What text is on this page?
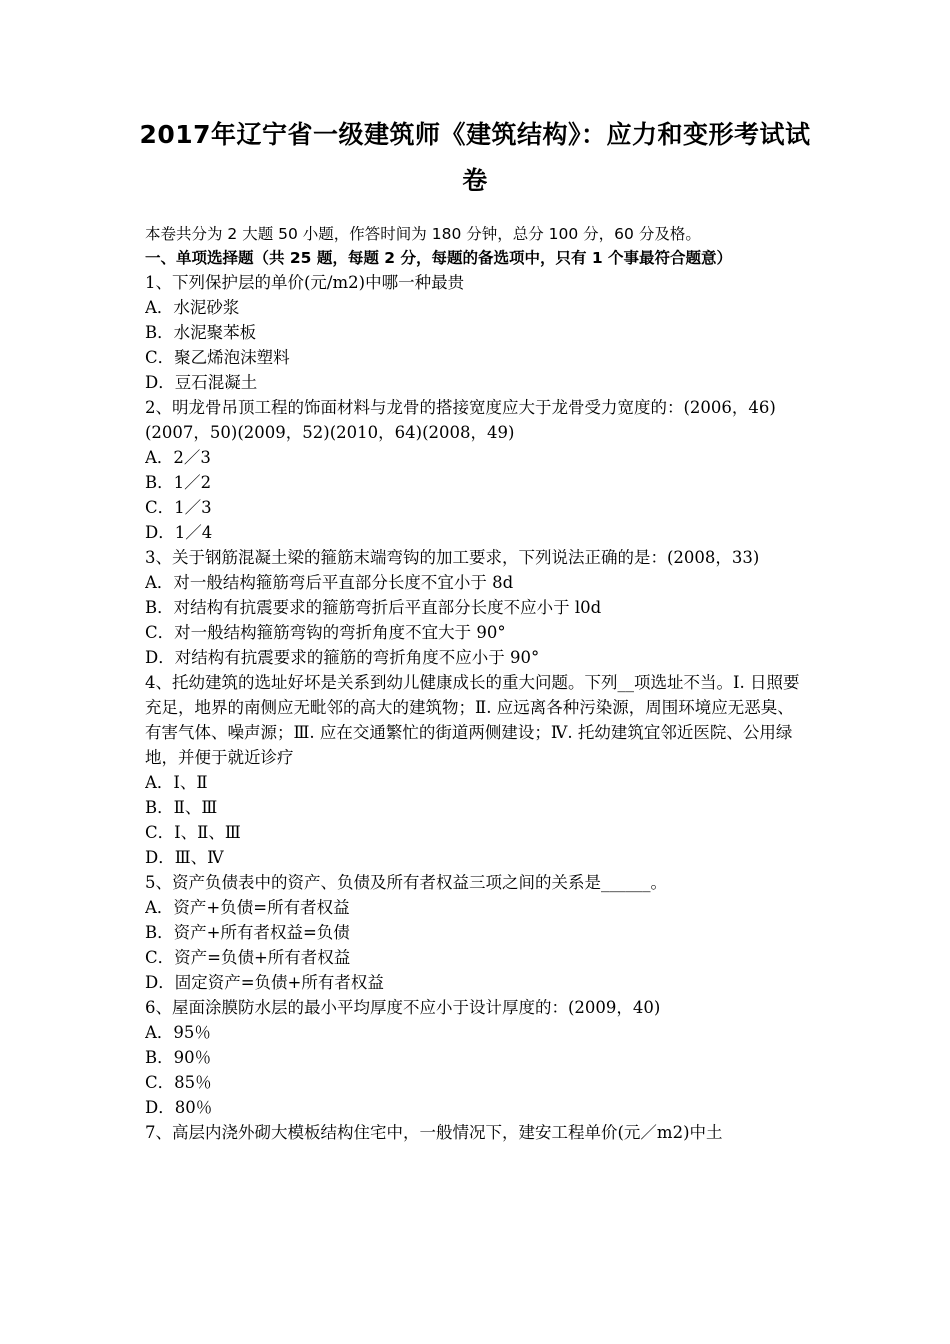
2017年辽宁省一级建筑师《建筑结构》：应力和变形考试试卷
本卷共分为 2 大题 50 小题，作答时间为 180 分钟，总分 100 分，60 分及格。
一、单项选择题（共 25 题，每题 2 分，每题的备选项中，只有 1 个事最符合题意）
1、下列保护层的单价(元/m2)中哪一种最贵
A．水泥砂浆
B．水泥聚苯板
C．聚乙烯泡沫塑料
D．豆石混凝土
2、明龙骨吊顶工程的饰面材料与龙骨的搭接宽度应大于龙骨受力宽度的：(2006，46)(2007，50)(2009，52)(2010，64)(2008，49)
A．2／3
B．1／2
C．1／3
D．1／4
3、关于钢筋混凝土梁的箍筋末端弯钩的加工要求，下列说法正确的是：(2008，33)
A．对一般结构箍筋弯后平直部分长度不宜小于 8d
B．对结构有抗震要求的箍筋弯折后平直部分长度不应小于 l0d
C．对一般结构箍筋弯钩的弯折角度不宜大于 90°
D．对结构有抗震要求的箍筋的弯折角度不应小于 90°
4、托幼建筑的选址好坏是关系到幼儿健康成长的重大问题。下列__项选址不当。Ⅰ. 日照要充足，地界的南侧应无毗邻的高大的建筑物；Ⅱ. 应远离各种污染源，周围环境应无恶臭、有害气体、噪声源；Ⅲ. 应在交通繁忙的街道两侧建设；Ⅳ. 托幼建筑宜邻近医院、公用绿地，并便于就近诊疗
A．Ⅰ、Ⅱ
B．Ⅱ、Ⅲ
C．Ⅰ、Ⅱ、Ⅲ
D．Ⅲ、Ⅳ
5、资产负债表中的资产、负债及所有者权益三项之间的关系是______。
A．资产+负债=所有者权益
B．资产+所有者权益=负债
C．资产=负债+所有者权益
D．固定资产=负债+所有者权益
6、屋面涂膜防水层的最小平均厚度不应小于设计厚度的：(2009，40)
A．95％
B．90％
C．85％
D．80％
7、高层内浇外砌大模板结构住宅中，一般情况下，建安工程单价(元／m2)中土
